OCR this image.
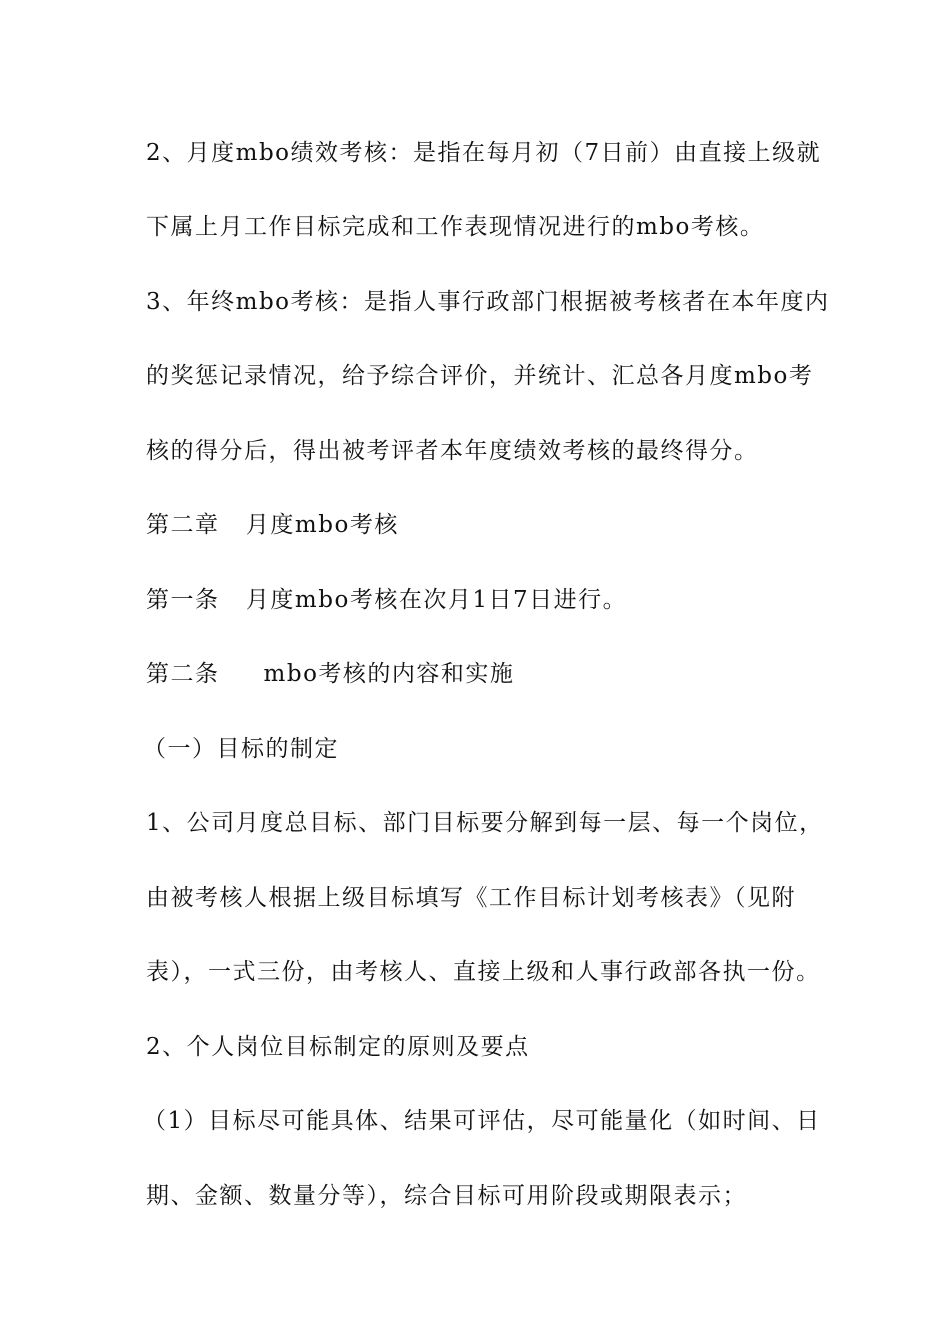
2、月度mbo绩效考核：是指在每月初（7日前）由直接上级就
下属上月工作目标完成和工作表现情况进行的mbo考核。
3、年终mbo考核：是指人事行政部门根据被考核者在本年度内
的奖惩记录情况，给予综合评价，并统计、汇总各月度mbo考
核的得分后，得出被考评者本年度绩效考核的最终得分。
第二章   月度mbo考核
第一条   月度mbo考核在次月1日7日进行。
第二条     mbo考核的内容和实施
（一）目标的制定
1、公司月度总目标、部门目标要分解到每一层、每一个岗位，
由被考核人根据上级目标填写《工作目标计划考核表》（见附
表），一式三份，由考核人、直接上级和人事行政部各执一份。
2、个人岗位目标制定的原则及要点
（1）目标尽可能具体、结果可评估，尽可能量化（如时间、日
期、金额、数量分等），综合目标可用阶段或期限表示；
